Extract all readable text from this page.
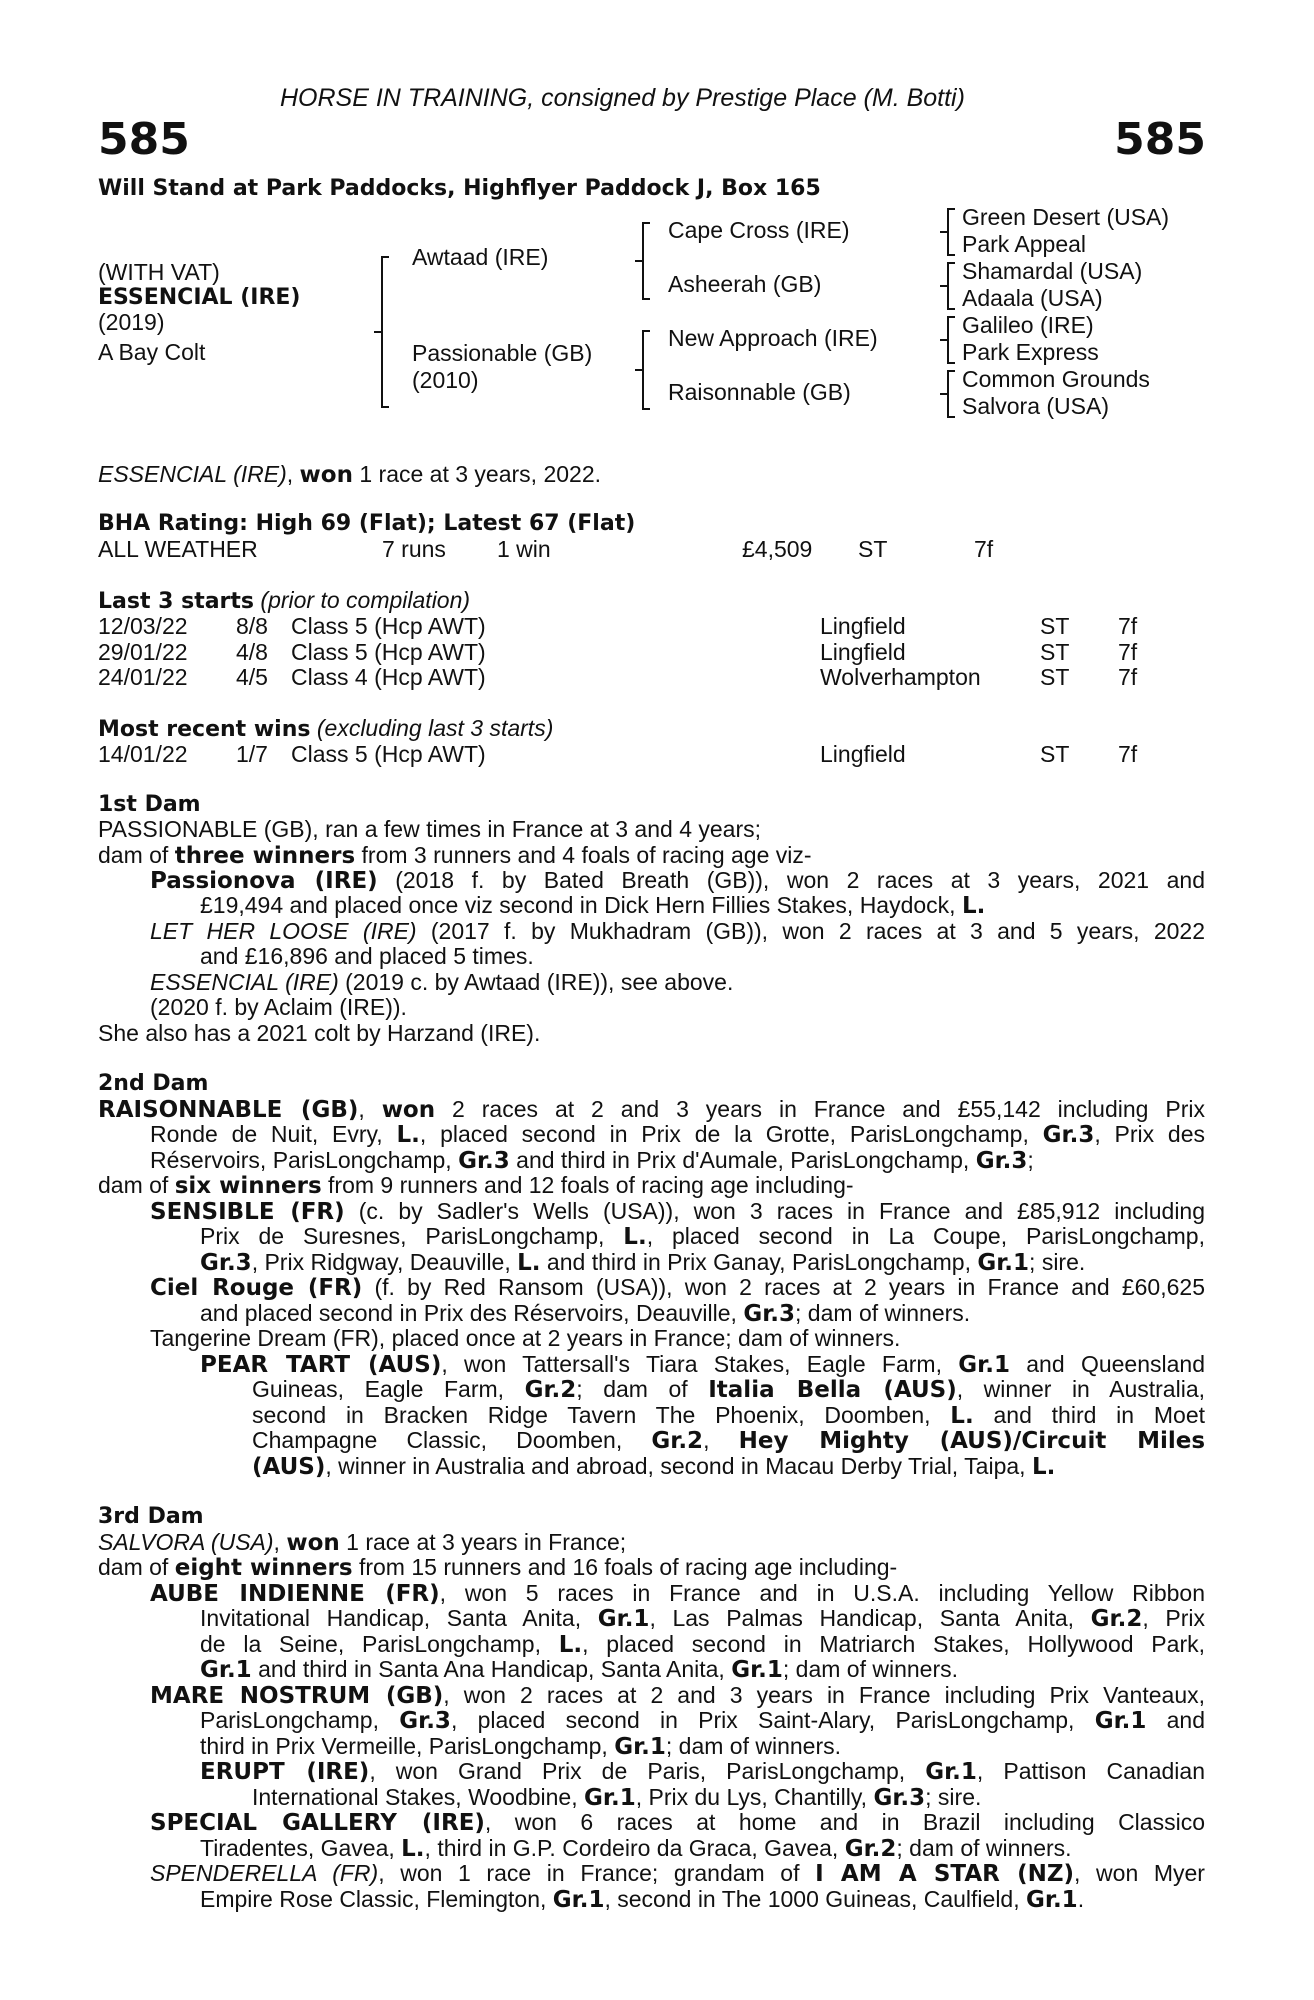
HORSE IN TRAINING, consigned by Prestige Place (M. Botti)
585	585
Will Stand at Park Paddocks, Highflyer Paddock J, Box 165
(WITH VAT)
ESSENCIAL (IRE)
(2019)
A Bay Colt
Awtaad (IRE)
Passionable (GB)
(2010)
Cape Cross (IRE)
Asheerah (GB)
New Approach (IRE)
Raisonnable (GB)
Green Desert (USA)
Park Appeal
Shamardal (USA)
Adaala (USA)
Galileo (IRE)
Park Express
Common Grounds
Salvora (USA)
ESSENCIAL (IRE), won 1 race at 3 years, 2022.
BHA Rating: High 69 (Flat); Latest 67 (Flat)
ALL WEATHER	7 runs 1 win	£4,509 ST	7f
Last 3 starts (prior to compilation)
12/03/22 8/8 Class 5 (Hcp AWT)	Lingfield	ST 7f
29/01/22 4/8 Class 5 (Hcp AWT)	Lingfield	ST 7f
24/01/22 4/5 Class 4 (Hcp AWT)	Wolverhampton	ST 7f
Most recent wins (excluding last 3 starts)
14/01/22 1/7 Class 5 (Hcp AWT)	Lingfield	ST 7f
1st Dam
PASSIONABLE (GB), ran a few times in France at 3 and 4 years;
dam of three winners from 3 runners and 4 foals of racing age viz-
Passionova (IRE) (2018 f. by Bated Breath (GB)), won 2 races at 3 years, 2021 and
£19,494 and placed once viz second in Dick Hern Fillies Stakes, Haydock, L.
LET HER LOOSE (IRE) (2017 f. by Mukhadram (GB)), won 2 races at 3 and 5 years, 2022
and £16,896 and placed 5 times.
ESSENCIAL (IRE) (2019 c. by Awtaad (IRE)), see above.
(2020 f. by Aclaim (IRE)).
She also has a 2021 colt by Harzand (IRE).
2nd Dam
RAISONNABLE (GB), won 2 races at 2 and 3 years in France and £55,142 including Prix
Ronde de Nuit, Evry, L., placed second in Prix de la Grotte, ParisLongchamp, Gr.3, Prix des
Réservoirs, ParisLongchamp, Gr.3 and third in Prix d'Aumale, ParisLongchamp, Gr.3;
dam of six winners from 9 runners and 12 foals of racing age including-
SENSIBLE (FR) (c. by Sadler's Wells (USA)), won 3 races in France and £85,912 including
Prix de Suresnes, ParisLongchamp, L., placed second in La Coupe, ParisLongchamp,
Gr.3, Prix Ridgway, Deauville, L. and third in Prix Ganay, ParisLongchamp, Gr.1; sire.
Ciel Rouge (FR) (f. by Red Ransom (USA)), won 2 races at 2 years in France and £60,625
and placed second in Prix des Réservoirs, Deauville, Gr.3; dam of winners.
Tangerine Dream (FR), placed once at 2 years in France; dam of winners.
PEAR TART (AUS), won Tattersall's Tiara Stakes, Eagle Farm, Gr.1 and Queensland
Guineas, Eagle Farm, Gr.2; dam of Italia Bella (AUS), winner in Australia,
second in Bracken Ridge Tavern The Phoenix, Doomben, L. and third in Moet
Champagne Classic, Doomben, Gr.2, Hey Mighty (AUS)/Circuit Miles
(AUS), winner in Australia and abroad, second in Macau Derby Trial, Taipa, L.
3rd Dam
SALVORA (USA), won 1 race at 3 years in France;
dam of eight winners from 15 runners and 16 foals of racing age including-
AUBE INDIENNE (FR), won 5 races in France and in U.S.A. including Yellow Ribbon
Invitational Handicap, Santa Anita, Gr.1, Las Palmas Handicap, Santa Anita, Gr.2, Prix
de la Seine, ParisLongchamp, L., placed second in Matriarch Stakes, Hollywood Park,
Gr.1 and third in Santa Ana Handicap, Santa Anita, Gr.1; dam of winners.
MARE NOSTRUM (GB), won 2 races at 2 and 3 years in France including Prix Vanteaux,
ParisLongchamp, Gr.3, placed second in Prix Saint-Alary, ParisLongchamp, Gr.1 and
third in Prix Vermeille, ParisLongchamp, Gr.1; dam of winners.
ERUPT (IRE), won Grand Prix de Paris, ParisLongchamp, Gr.1, Pattison Canadian
International Stakes, Woodbine, Gr.1, Prix du Lys, Chantilly, Gr.3; sire.
SPECIAL GALLERY (IRE), won 6 races at home and in Brazil including Classico
Tiradentes, Gavea, L., third in G.P. Cordeiro da Graca, Gavea, Gr.2; dam of winners.
SPENDERELLA (FR), won 1 race in France; grandam of I AM A STAR (NZ), won Myer
Empire Rose Classic, Flemington, Gr.1, second in The 1000 Guineas, Caulfield, Gr.1.
